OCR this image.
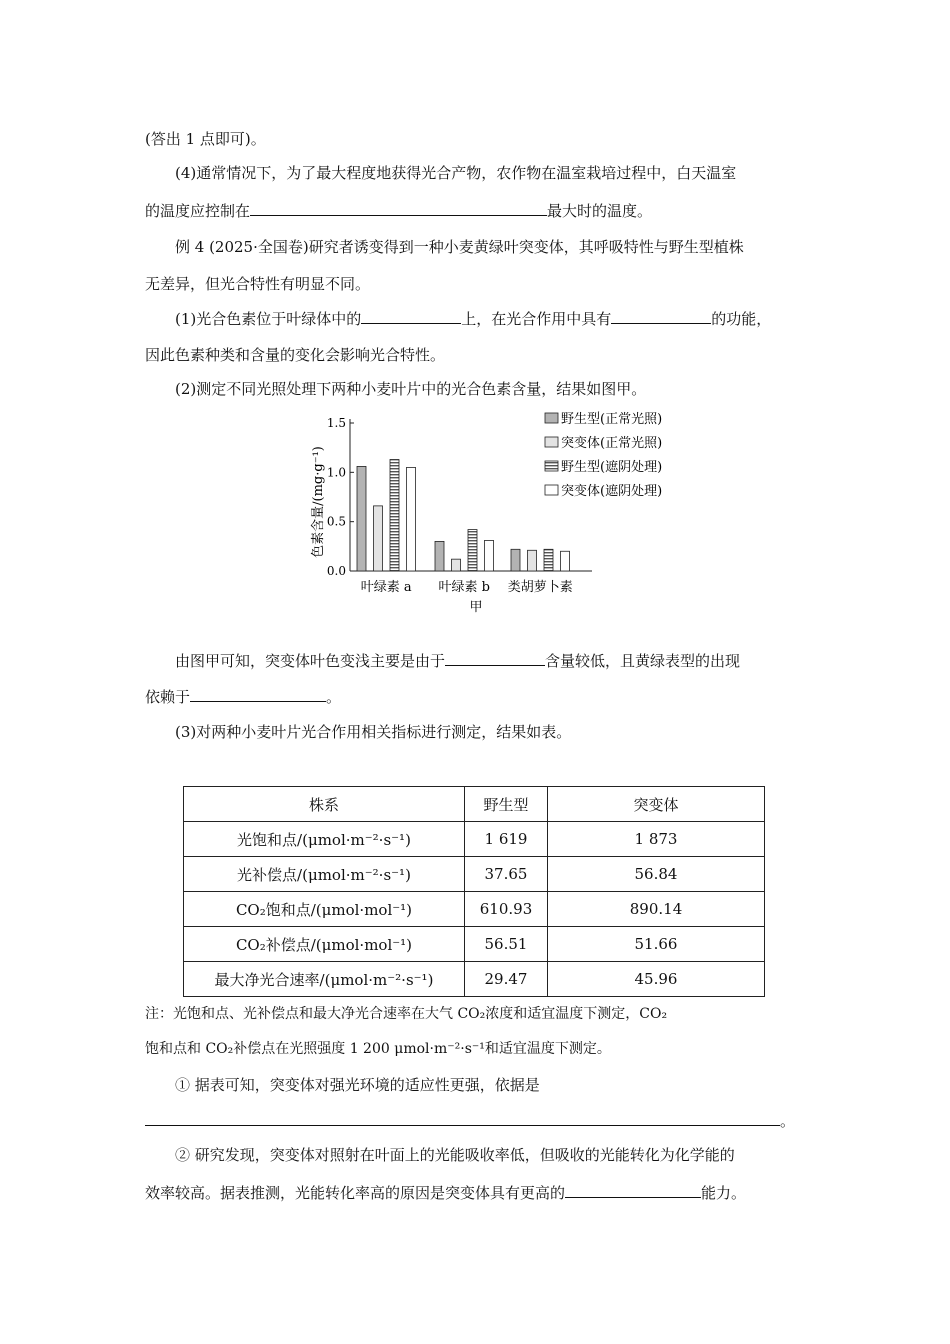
(答出 1 点即可)。
(4)通常情况下，为了最大程度地获得光合产物，农作物在温室栽培过程中，白天温室
的温度应控制在	最大时的温度。
例 4 (2025·全国卷)研究者诱变得到一种小麦黄绿叶突变体，其呼吸特性与野生型植株
无差异，但光合特性有明显不同。
(1)光合色素位于叶绿体中的	上，在光合作用中具有	的功能，
因此色素种类和含量的变化会影响光合特性。
(2)测定不同光照处理下两种小麦叶片中的光合色素含量，结果如图甲。
0.0
0.5
1.0
1.5
叶绿素 a 叶绿素 b 类胡萝卜素
野生型(正常光照)
突变体(正常光照)
野生型(遮阴处理)
突变体(遮阴处理)
色素含量/(mg·g⁻¹)
甲
由图甲可知，突变体叶色变浅主要是由于	含量较低，且黄绿表型的出现
依赖于	。
(3)对两种小麦叶片光合作用相关指标进行测定，结果如表。
株系	野生型	突变体
光饱和点/(μmol·m⁻²·s⁻¹)	1 619	1 873
光补偿点/(μmol·m⁻²·s⁻¹)	37.65	56.84
CO₂饱和点/(μmol·mol⁻¹)	610.93	890.14
CO₂补偿点/(μmol·mol⁻¹)	56.51	51.66
最大净光合速率/(μmol·m⁻²·s⁻¹)	29.47	45.96
注：光饱和点、光补偿点和最大净光合速率在大气 CO₂浓度和适宜温度下测定，CO₂
饱和点和 CO₂补偿点在光照强度 1 200 μmol·m⁻²·s⁻¹和适宜温度下测定。
① 据表可知，突变体对强光环境的适应性更强，依据是
。
② 研究发现，突变体对照射在叶面上的光能吸收率低，但吸收的光能转化为化学能的
效率较高。据表推测，光能转化率高的原因是突变体具有更高的	能力。
